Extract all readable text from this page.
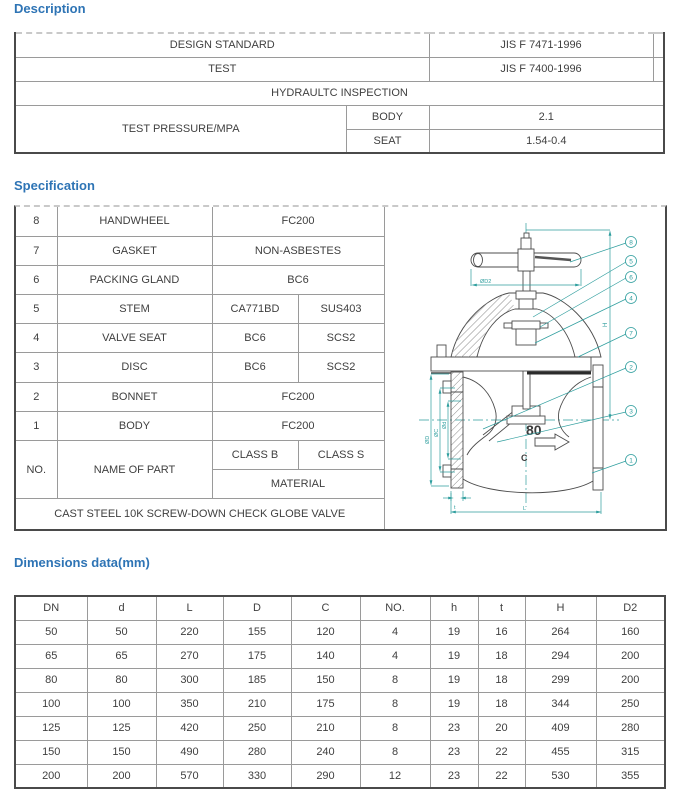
Description
DESIGN STANDARD		JIS F 7471-1996	
TEST		JIS F 7400-1996	
HYDRAULTC INSPECTION			
TEST PRESSURE/MPA	BODY	2.1	
	SEAT	1.54-0.4	
Specification
8	HANDWHEEL	FC200	
7	GASKET	NON-ASBESTES	
6	PACKING GLAND	BC6	
5	STEM	CA771BD	SUS403
4	VALVE SEAT	BC6	SCS2
3	DISC	BC6	SCS2
2	BONNET	FC200	
1	BODY	FC200	
NO.	NAME OF PART	CLASS B	CLASS S
		MATERIAL	
CAST STEEL 10K SCREW-DOWN CHECK GLOBE VALVE			
80
C
ØD2
H
ØD
ØC
Ød
t	L
8
5
6
4
7
2
3
1
Dimensions data(mm)
DN	d	L	D	C	NO.	h	t	H	D2
50	50	220	155	120	4	19	16	264	160
65	65	270	175	140	4	19	18	294	200
80	80	300	185	150	8	19	18	299	200
100	100	350	210	175	8	19	18	344	250
125	125	420	250	210	8	23	20	409	280
150	150	490	280	240	8	23	22	455	315
200	200	570	330	290	12	23	22	530	355
